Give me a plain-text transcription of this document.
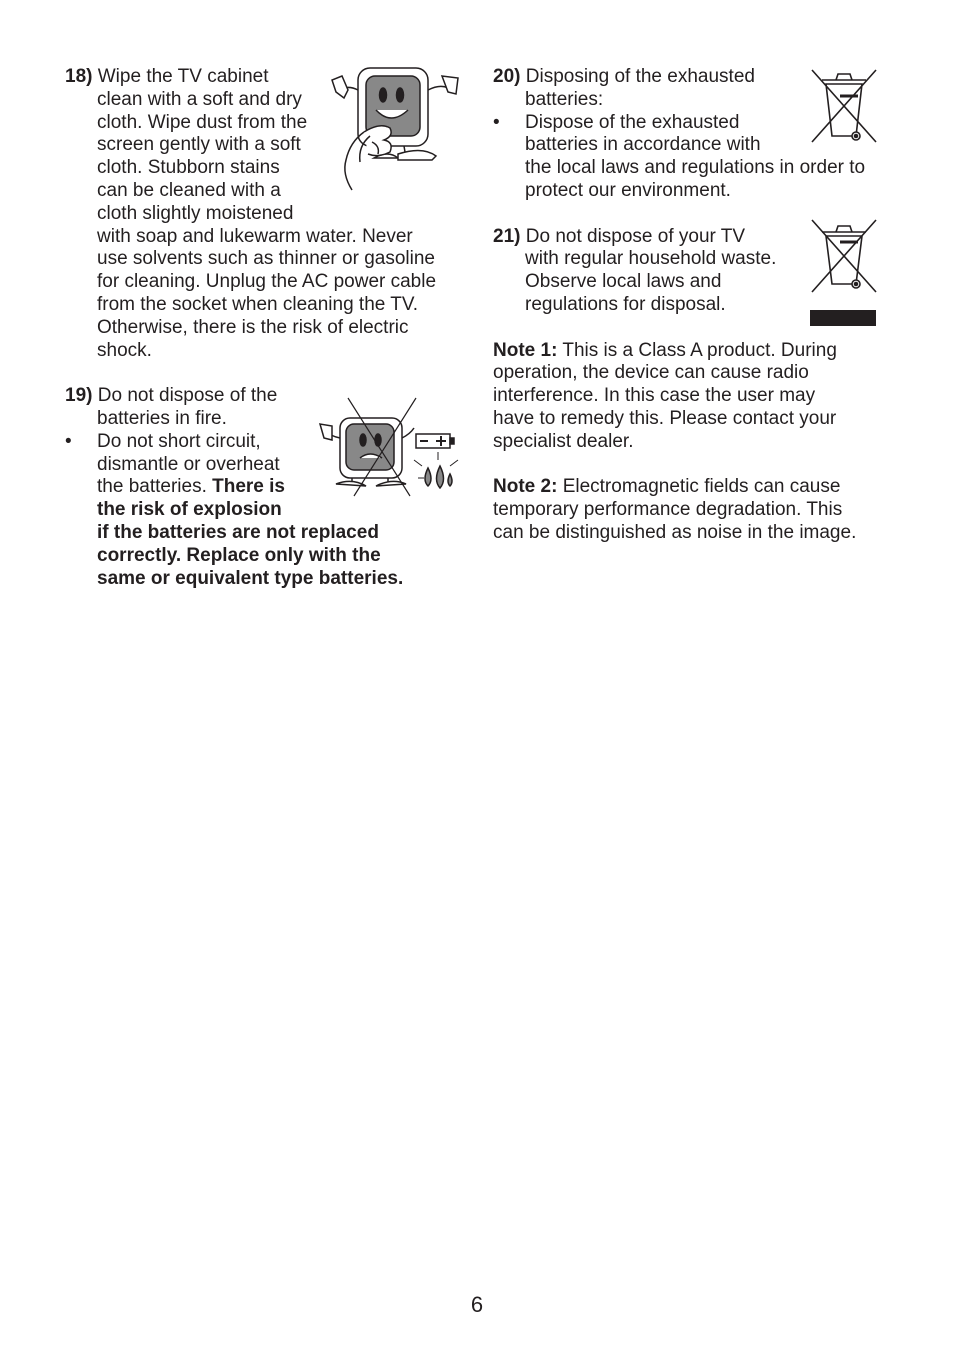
18) Wipe the TV cabinet
clean with a soft and dry
cloth. Wipe dust from the
screen gently with a soft
cloth. Stubborn stains
can be cleaned with a
cloth slightly moistened
with soap and lukewarm water. Never
use solvents such as thinner or gasoline
for cleaning. Unplug the AC power cable
from the socket when cleaning the TV.
Otherwise, there is the risk of electric
shock.
19) Do not dispose of the
batteries in fire.
• Do not short circuit,
dismantle or overheat
the batteries. There is
the risk of explosion
if the batteries are not replaced
correctly. Replace only with the
same or equivalent type batteries.
20) Disposing of the exhausted
batteries:
• Dispose of the exhausted
batteries in accordance with
the local laws and regulations in order to
protect our environment.
21) Do not dispose of your TV
with regular household waste.
Observe local laws and
regulations for disposal.

Note 1: This is a Class A product. During

operation, the device can cause radio

interference. In this case the user may

have to remedy this. Please contact your

specialist dealer.

Note 2: Electromagnetic fields can cause

temporary performance degradation. This

can be distinguished as noise in the image.

6
